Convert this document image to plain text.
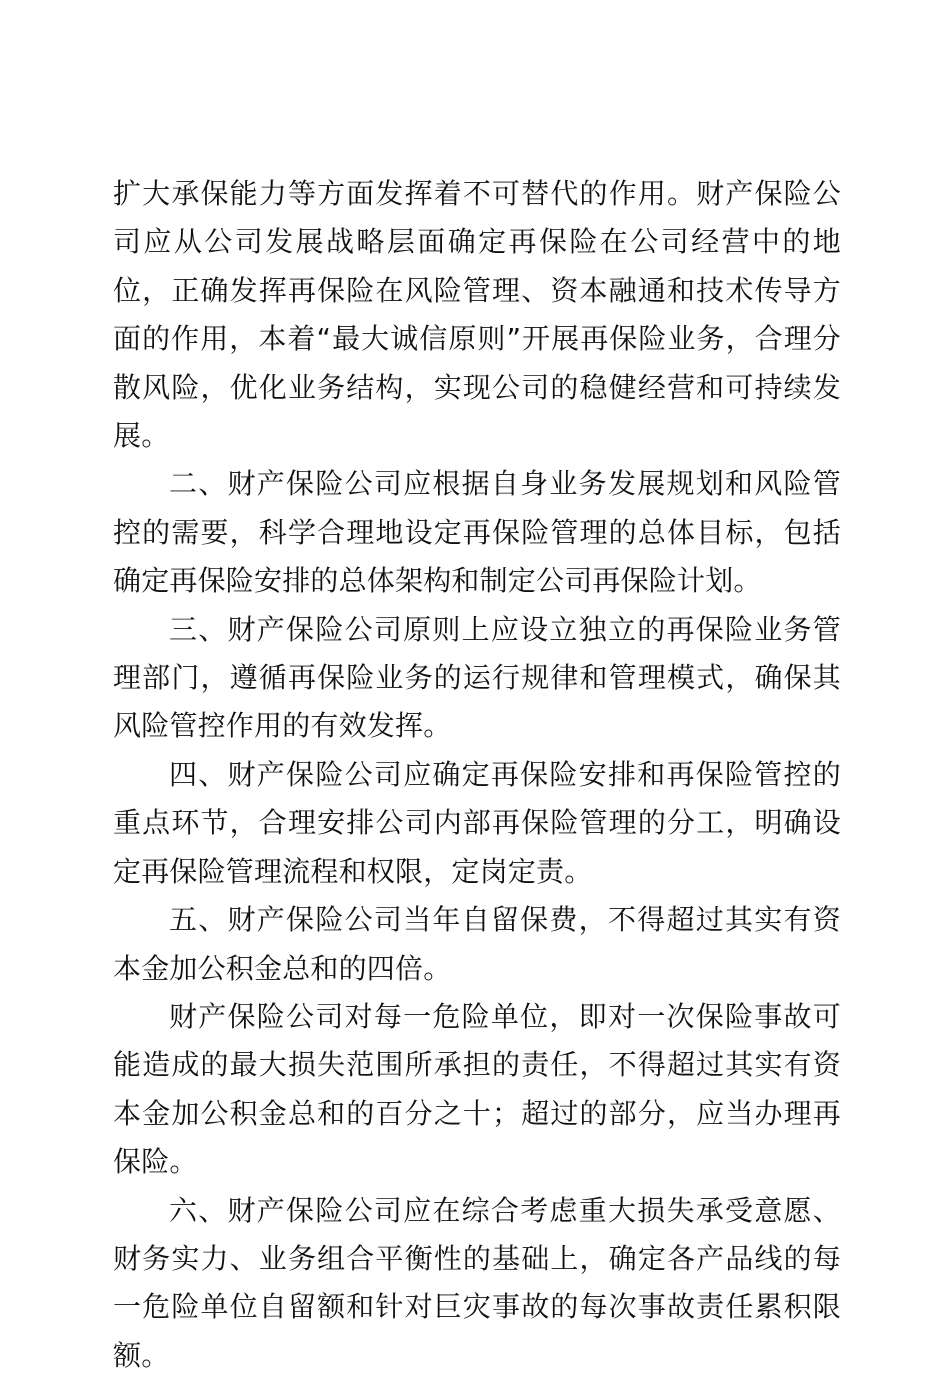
扩大承保能力等方面发挥着不可替代的作用。财产保险公司应从公司发展战略层面确定再保险在公司经营中的地位，正确发挥再保险在风险管理、资本融通和技术传导方面的作用，本着“最大诚信原则”开展再保险业务，合理分散风险，优化业务结构，实现公司的稳健经营和可持续发展。

二、财产保险公司应根据自身业务发展规划和风险管控的需要，科学合理地设定再保险管理的总体目标，包括确定再保险安排的总体架构和制定公司再保险计划。

三、财产保险公司原则上应设立独立的再保险业务管理部门，遵循再保险业务的运行规律和管理模式，确保其风险管控作用的有效发挥。

四、财产保险公司应确定再保险安排和再保险管控的重点环节，合理安排公司内部再保险管理的分工，明确设定再保险管理流程和权限，定岗定责。

五、财产保险公司当年自留保费，不得超过其实有资本金加公积金总和的四倍。

财产保险公司对每一危险单位，即对一次保险事故可能造成的最大损失范围所承担的责任，不得超过其实有资本金加公积金总和的百分之十；超过的部分，应当办理再保险。

六、财产保险公司应在综合考虑重大损失承受意愿、财务实力、业务组合平衡性的基础上，确定各产品线的每一危险单位自留额和针对巨灾事故的每次事故责任累积限额。
